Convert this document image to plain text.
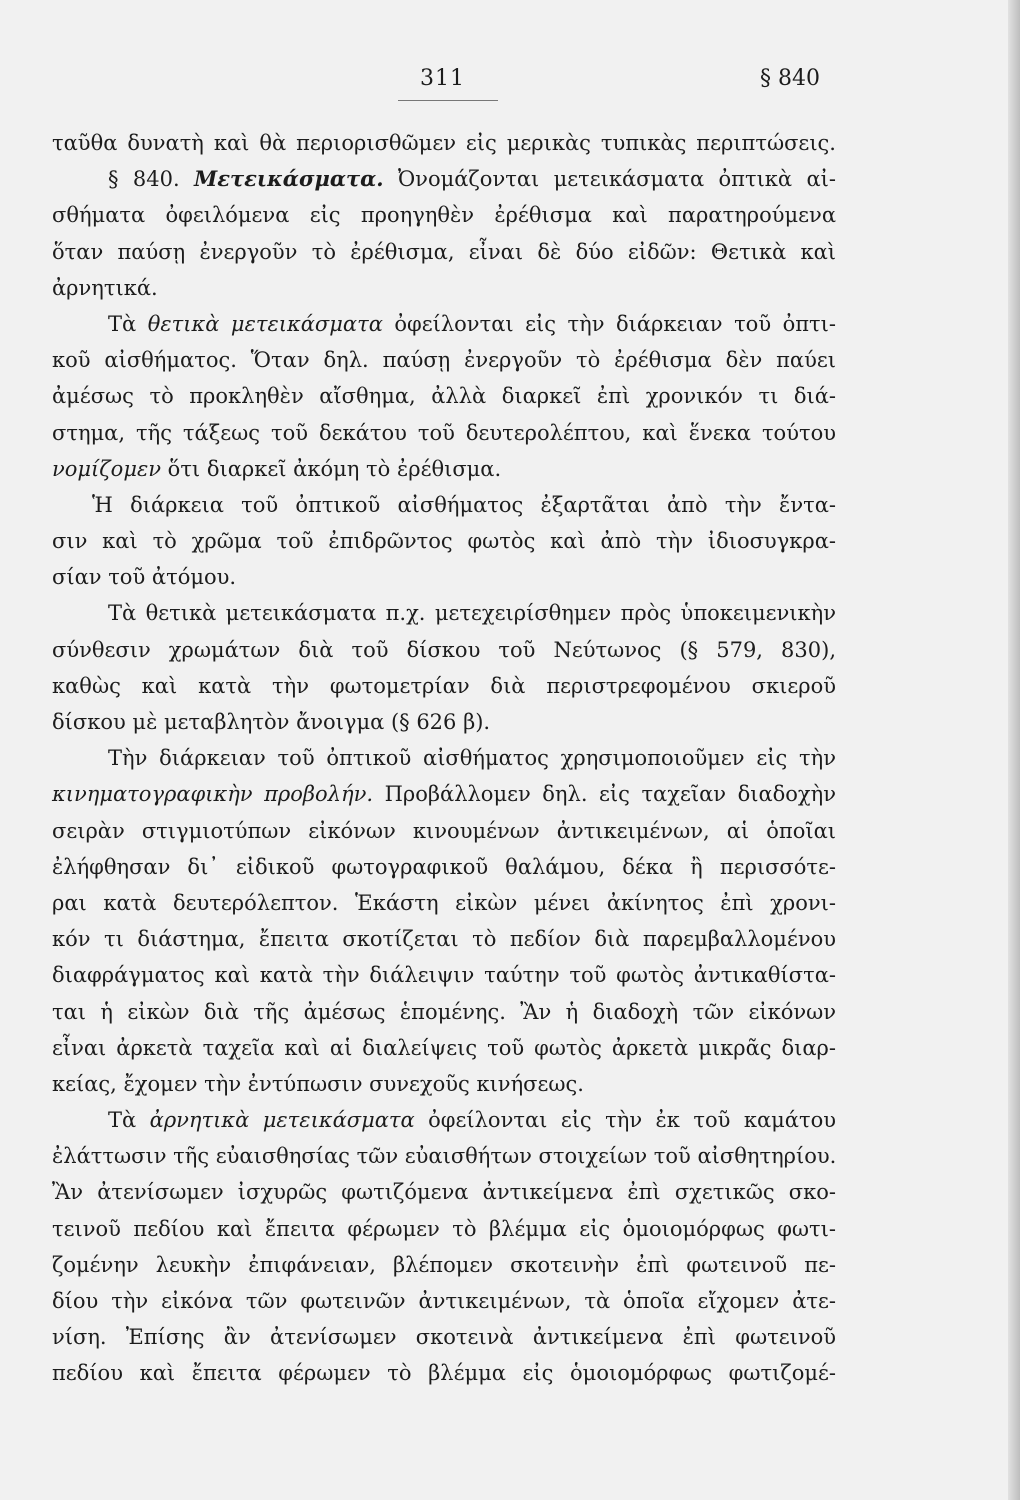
311	§ 840
ταῦθα δυνατὴ καὶ θὰ περιορισθῶμεν εἰς μερικὰς τυπικὰς περιπτώσεις.
§ 840. Μετεικάσματα. Ὀνομάζονται μετεικάσματα ὀπτικὰ αἰ-
σθήματα ὀφειλόμενα εἰς προηγηθὲν ἐρέθισμα καὶ παρατηρούμενα
ὅταν παύσῃ ἐνεργοῦν τὸ ἐρέθισμα, εἶναι δὲ δύο εἰδῶν: Θετικὰ καὶ
ἀρνητικά.
Τὰ θετικὰ μετεικάσματα ὀφείλονται εἰς τὴν διάρκειαν τοῦ ὀπτι-
κοῦ αἰσθήματος. Ὅταν δηλ. παύσῃ ἐνεργοῦν τὸ ἐρέθισμα δὲν παύει
ἀμέσως τὸ προκληθὲν αἴσθημα, ἀλλὰ διαρκεῖ ἐπὶ χρονικόν τι διά-
στημα, τῆς τάξεως τοῦ δεκάτου τοῦ δευτερολέπτου, καὶ ἕνεκα τούτου
νομίζομεν ὅτι διαρκεῖ ἀκόμη τὸ ἐρέθισμα.
Ἡ διάρκεια τοῦ ὀπτικοῦ αἰσθήματος ἐξαρτᾶται ἀπὸ τὴν ἔντα-
σιν καὶ τὸ χρῶμα τοῦ ἐπιδρῶντος φωτὸς καὶ ἀπὸ τὴν ἰδιοσυγκρα-
σίαν τοῦ ἀτόμου.
Τὰ θετικὰ μετεικάσματα π.χ. μετεχειρίσθημεν πρὸς ὑποκειμενικὴν
σύνθεσιν χρωμάτων διὰ τοῦ δίσκου τοῦ Νεύτωνος (§ 579, 830),
καθὼς καὶ κατὰ τὴν φωτομετρίαν διὰ περιστρεφομένου σκιεροῦ
δίσκου μὲ μεταβλητὸν ἄνοιγμα (§ 626 β).
Τὴν διάρκειαν τοῦ ὀπτικοῦ αἰσθήματος χρησιμοποιοῦμεν εἰς τὴν
κινηματογραφικὴν προβολήν. Προβάλλομεν δηλ. εἰς ταχεῖαν διαδοχὴν
σειρὰν στιγμιοτύπων εἰκόνων κινουμένων ἀντικειμένων, αἱ ὁποῖαι
ἐλήφθησαν δι᾽ εἰδικοῦ φωτογραφικοῦ θαλάμου, δέκα ἢ περισσότε-
ραι κατὰ δευτερόλεπτον. Ἑκάστη εἰκὼν μένει ἀκίνητος ἐπὶ χρονι-
κόν τι διάστημα, ἔπειτα σκοτίζεται τὸ πεδίον διὰ παρεμβαλλομένου
διαφράγματος καὶ κατὰ τὴν διάλειψιν ταύτην τοῦ φωτὸς ἀντικαθίστα-
ται ἡ εἰκὼν διὰ τῆς ἀμέσως ἑπομένης. Ἂν ἡ διαδοχὴ τῶν εἰκόνων
εἶναι ἀρκετὰ ταχεῖα καὶ αἱ διαλείψεις τοῦ φωτὸς ἀρκετὰ μικρᾶς διαρ-
κείας, ἔχομεν τὴν ἐντύπωσιν συνεχοῦς κινήσεως.
Τὰ ἀρνητικὰ μετεικάσματα ὀφείλονται εἰς τὴν ἐκ τοῦ καμάτου
ἐλάττωσιν τῆς εὐαισθησίας τῶν εὐαισθήτων στοιχείων τοῦ αἰσθητηρίου.
Ἂν ἀτενίσωμεν ἰσχυρῶς φωτιζόμενα ἀντικείμενα ἐπὶ σχετικῶς σκο-
τεινοῦ πεδίου καὶ ἔπειτα φέρωμεν τὸ βλέμμα εἰς ὁμοιομόρφως φωτι-
ζομένην λευκὴν ἐπιφάνειαν, βλέπομεν σκοτεινὴν ἐπὶ φωτεινοῦ πε-
δίου τὴν εἰκόνα τῶν φωτεινῶν ἀντικειμένων, τὰ ὁποῖα εἴχομεν ἀτε-
νίση. Ἐπίσης ἂν ἀτενίσωμεν σκοτεινὰ ἀντικείμενα ἐπὶ φωτεινοῦ
πεδίου καὶ ἔπειτα φέρωμεν τὸ βλέμμα εἰς ὁμοιομόρφως φωτιζομέ-
